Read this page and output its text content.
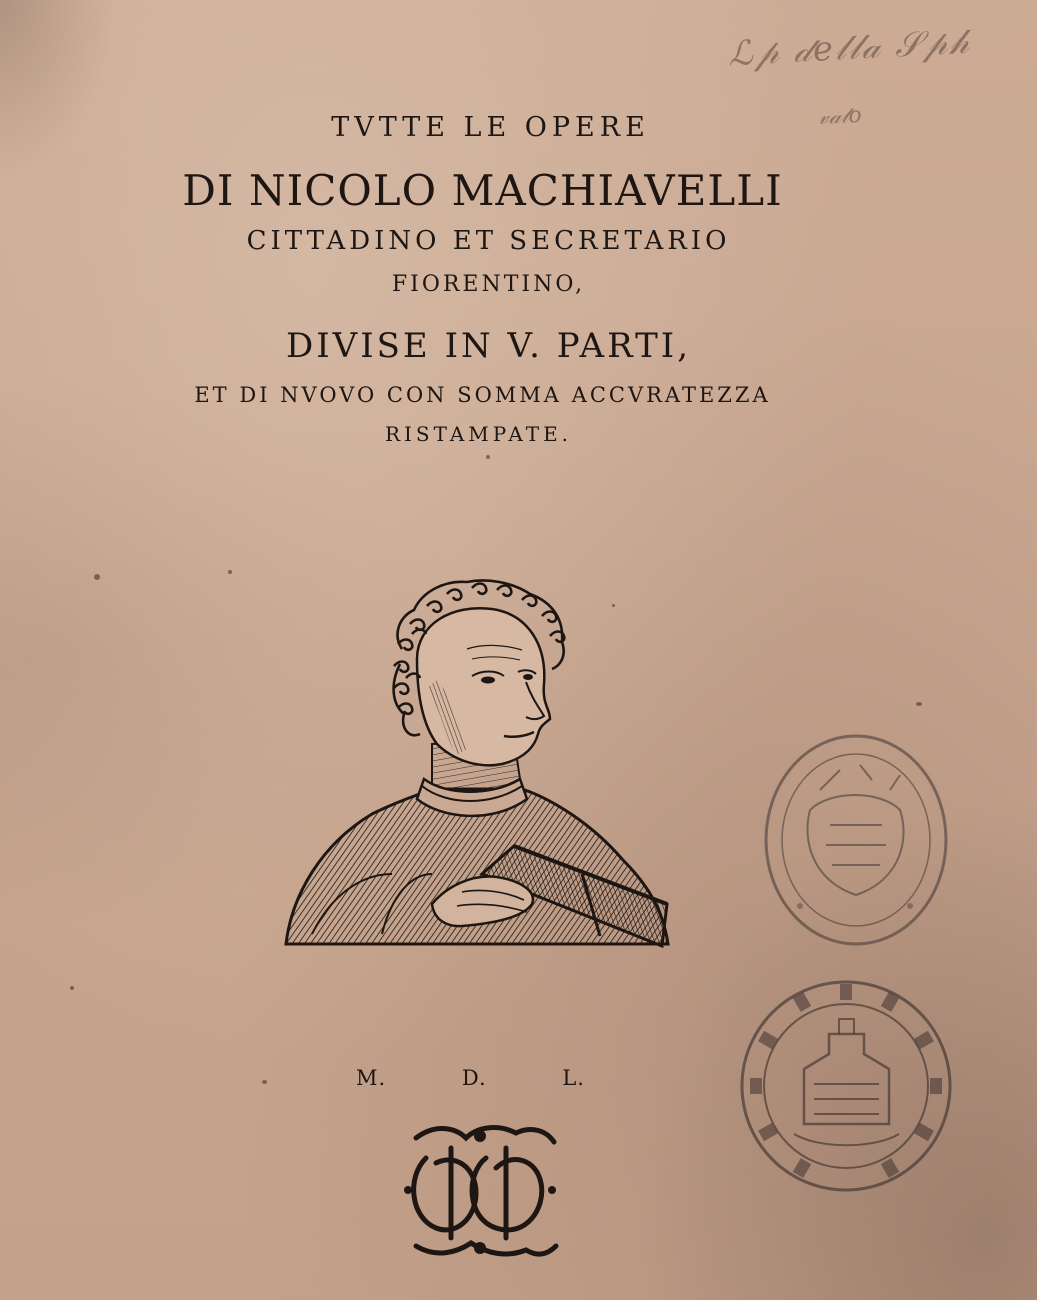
ℒ𝓅 𝒹𝑒𝓁𝓁𝒶 𝒮𝓅𝒽
𝓋𝒶𝓉𝑜
TVTTE LE OPERE
DI NICOLO MACHIAVELLI
CITTADINO ET SECRETARIO
FIORENTINO,
DIVISE IN V. PARTI,
ET DI NVOVO CON SOMMA ACCVRATEZZA
RISTAMPATE.
M. D. L.
